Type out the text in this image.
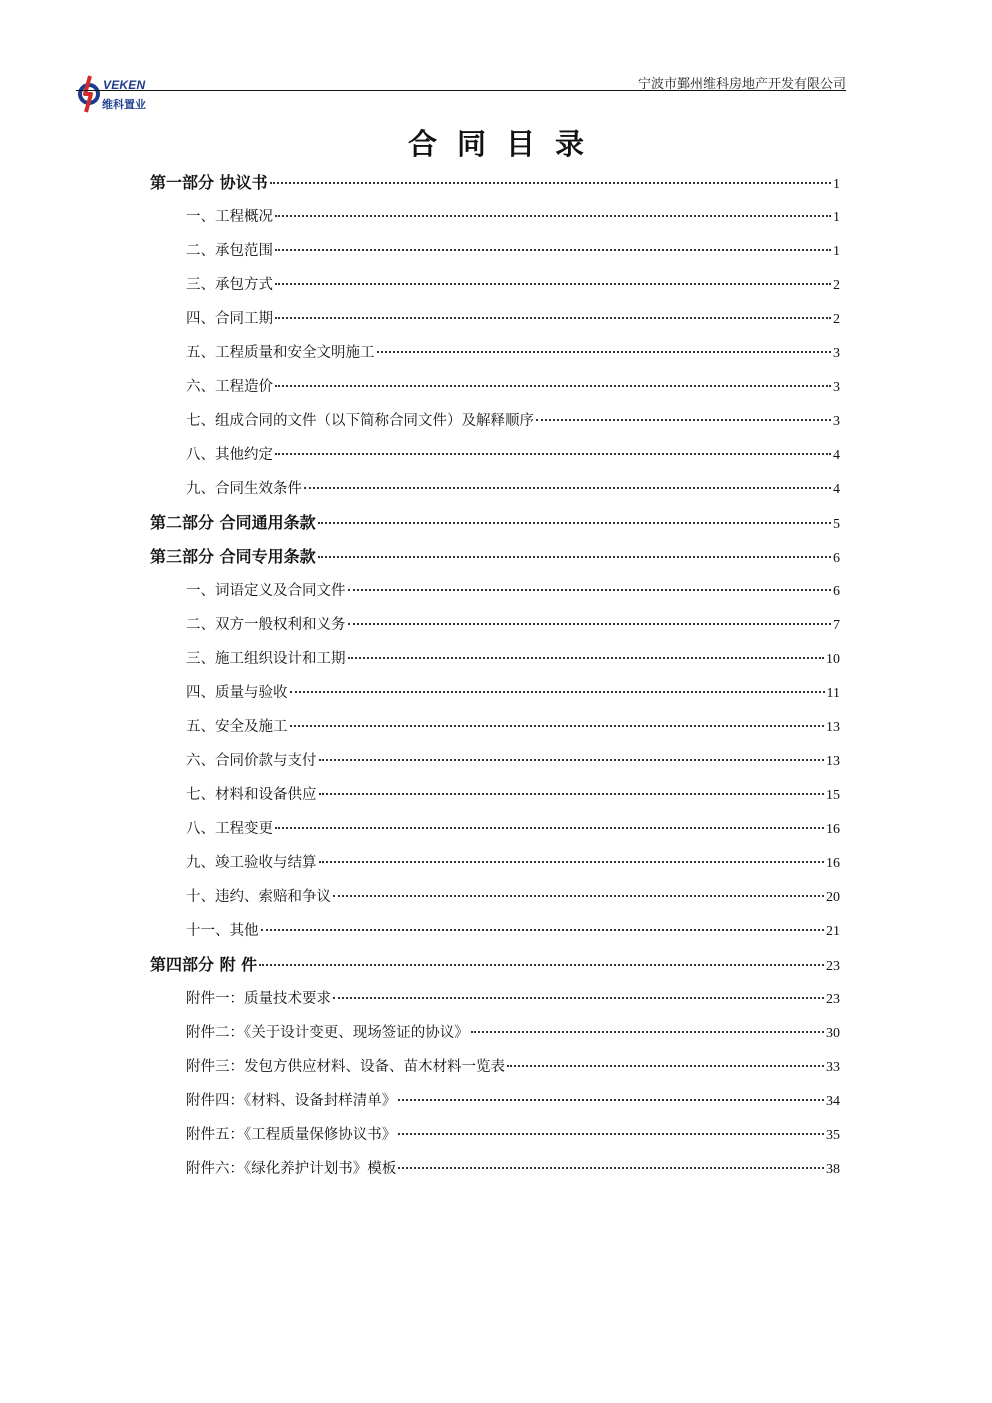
VEKEN
维科置业
宁波市鄞州维科房地产开发有限公司
合同目录
第一部分 协议书	1
一、工程概况	1
二、承包范围	1
三、承包方式	2
四、合同工期	2
五、工程质量和安全文明施工	3
六、工程造价	3
七、组成合同的文件（以下简称合同文件）及解释顺序	3
八、其他约定	4
九、合同生效条件	4
第二部分 合同通用条款	5
第三部分 合同专用条款	6
一、词语定义及合同文件	6
二、双方一般权利和义务	7
三、施工组织设计和工期	10
四、质量与验收	11
五、安全及施工	13
六、合同价款与支付	13
七、材料和设备供应	15
八、工程变更	16
九、竣工验收与结算	16
十、违约、索赔和争议	20
十一、其他	21
第四部分 附 件	23
附件一：质量技术要求	23
附件二：《关于设计变更、现场签证的协议》	30
附件三：发包方供应材料、设备、苗木材料一览表	33
附件四：《材料、设备封样清单》	34
附件五：《工程质量保修协议书》	35
附件六：《绿化养护计划书》模板	38
